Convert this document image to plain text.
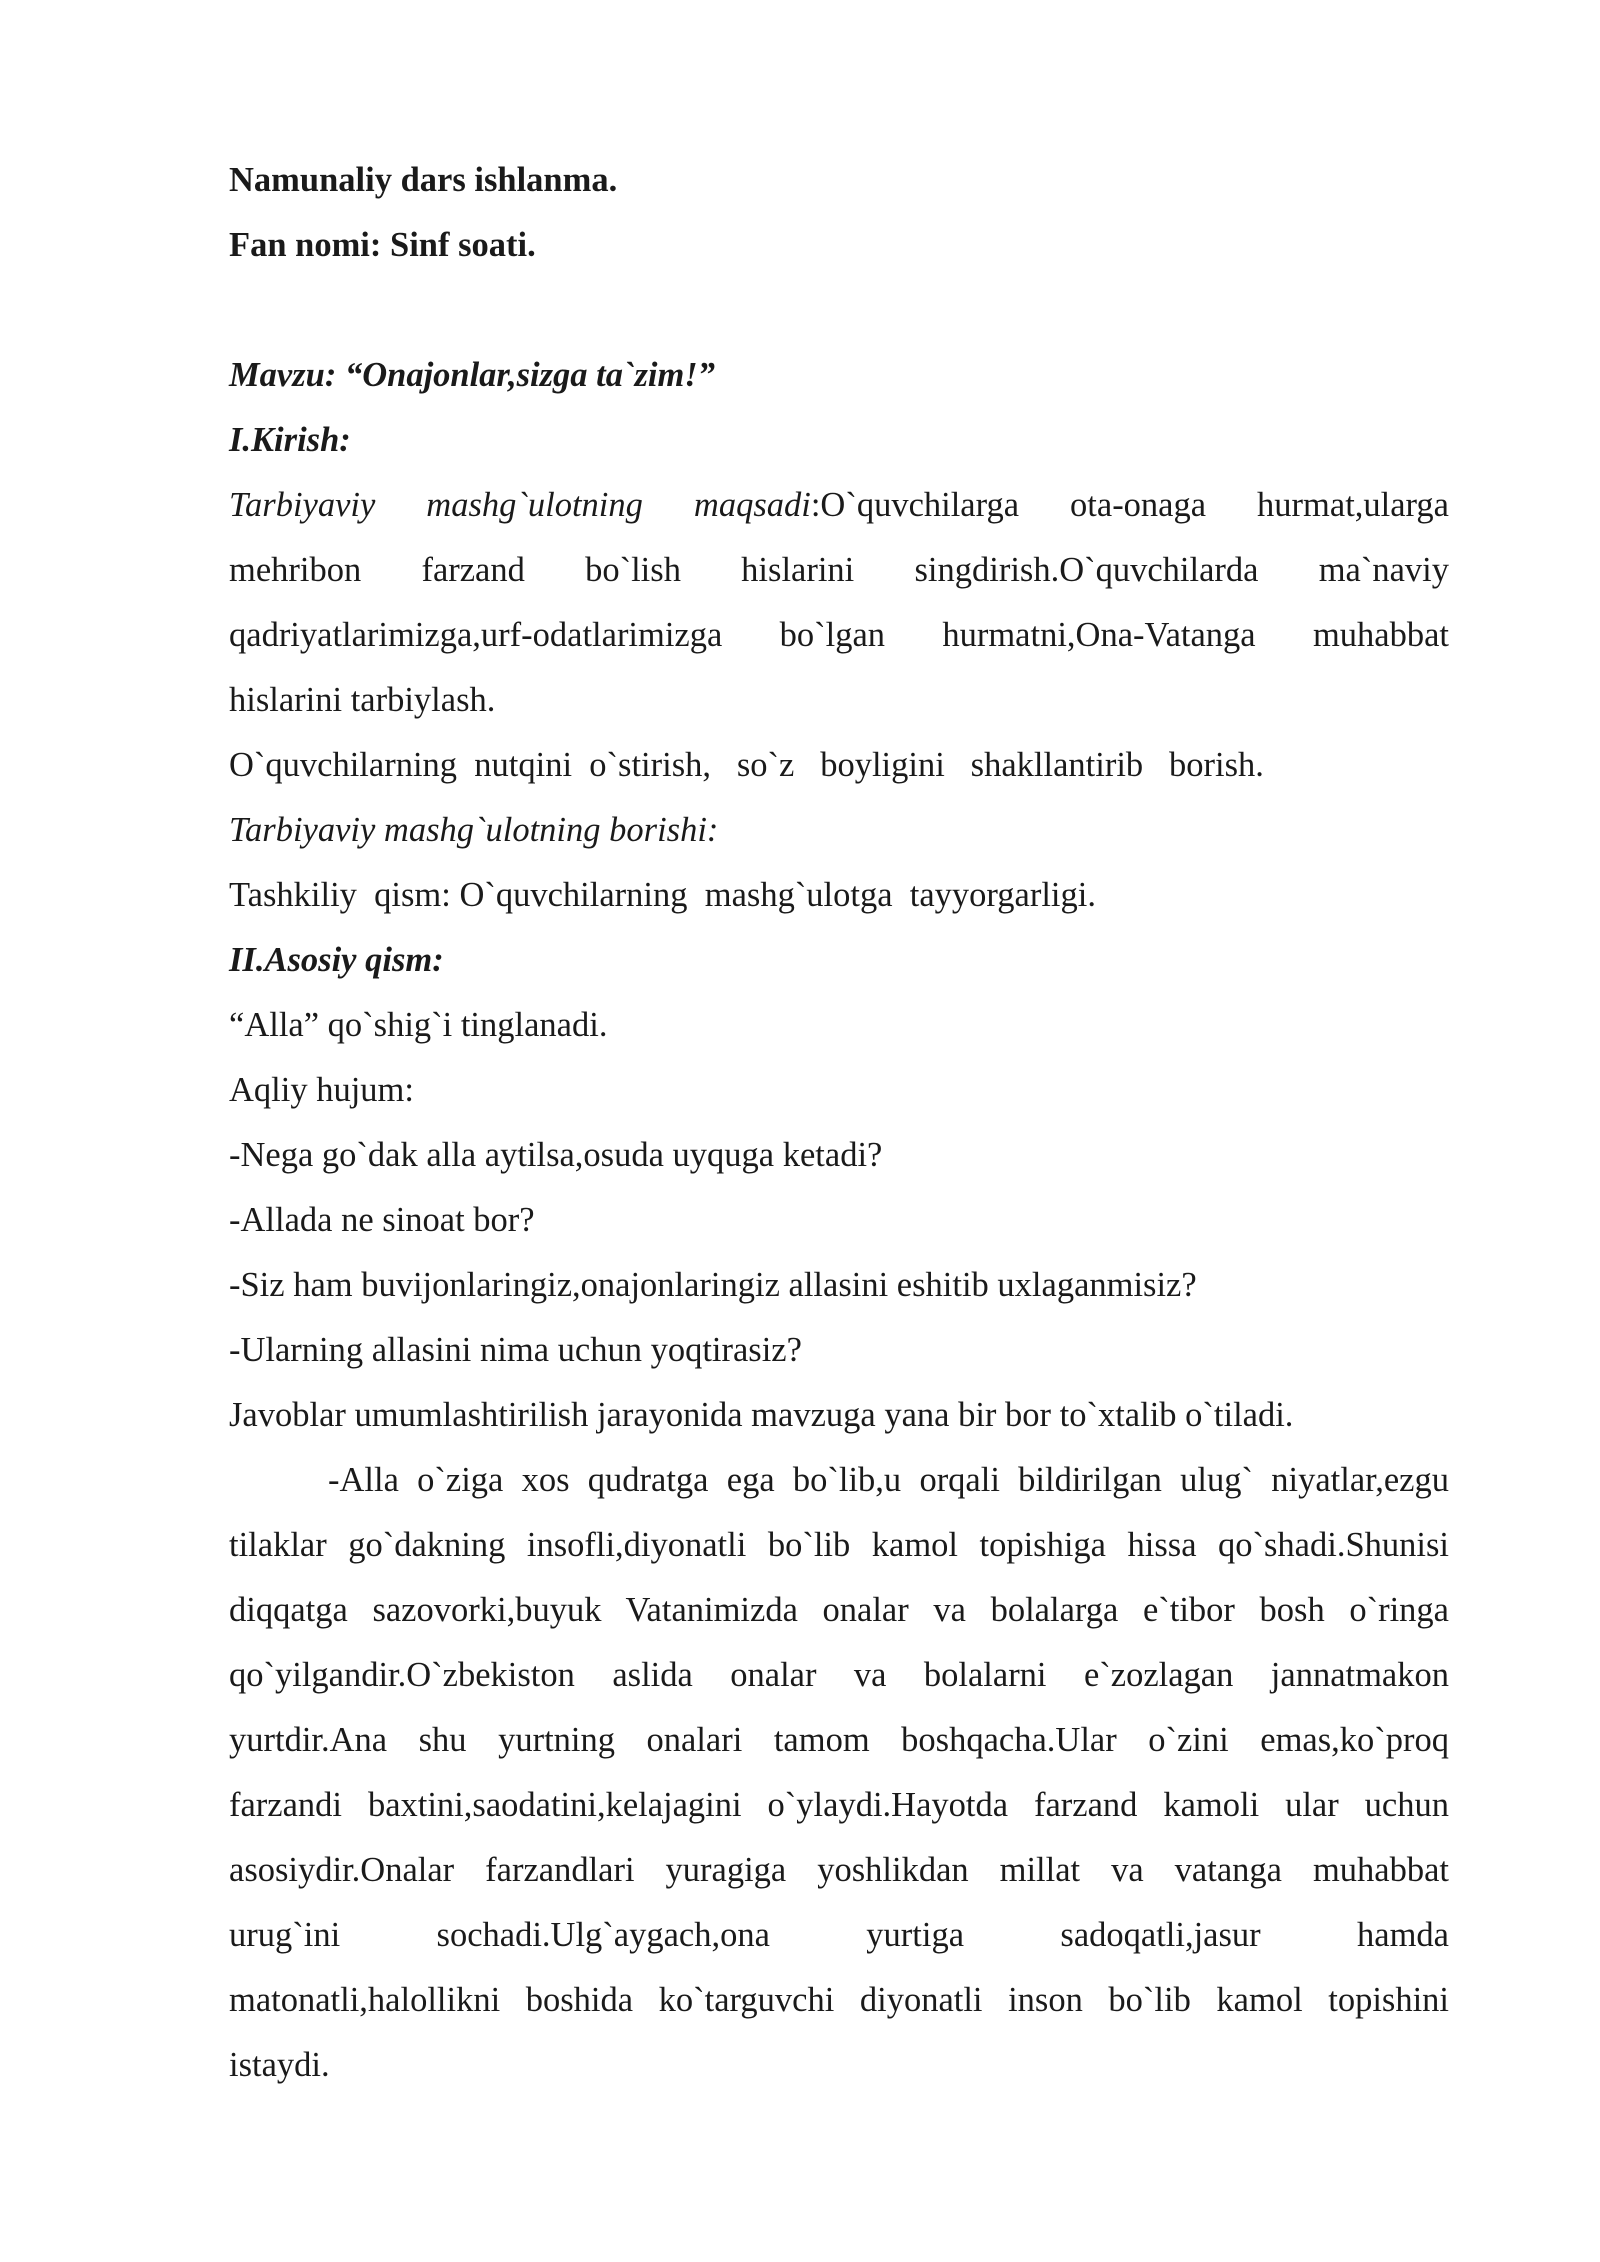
Namunaliy dars ishlanma.
Fan nomi: Sinf soati.
Mavzu: “Onajonlar,sizga ta`zim!”
I.Kirish:
Tarbiyaviy mashg`ulotning maqsadi:O`quvchilarga ota-onaga hurmat,ularga
mehribon farzand bo`lish hislarini singdirish.O`quvchilarda ma`naviy
qadriyatlarimizga,urf-odatlarimizga bo`lgan hurmatni,Ona-Vatanga muhabbat
hislarini tarbiylash.
O`quvchilarning  nutqini  o`stirish,   so`z   boyligini   shakllantirib   borish.
Tarbiyaviy mashg`ulotning borishi:
Tashkiliy  qism: O`quvchilarning  mashg`ulotga  tayyorgarligi.
II.Asosiy qism:
“Alla” qo`shig`i tinglanadi.
Aqliy hujum:
-Nega go`dak alla aytilsa,osuda uyquga ketadi?
-Allada ne sinoat bor?
-Siz ham buvijonlaringiz,onajonlaringiz allasini eshitib uxlaganmisiz?
-Ularning allasini nima uchun yoqtirasiz?
Javoblar umumlashtirilish jarayonida mavzuga yana bir bor to`xtalib o`tiladi.
-Alla o`ziga xos qudratga ega bo`lib,u orqali bildirilgan ulug` niyatlar,ezgu
tilaklar go`dakning insofli,diyonatli bo`lib kamol topishiga hissa qo`shadi.Shunisi
diqqatga sazovorki,buyuk Vatanimizda onalar va bolalarga e`tibor bosh o`ringa
qo`yilgandir.O`zbekiston aslida onalar va bolalarni e`zozlagan jannatmakon
yurtdir.Ana shu yurtning onalari tamom boshqacha.Ular o`zini emas,ko`proq
farzandi baxtini,saodatini,kelajagini o`ylaydi.Hayotda farzand kamoli ular uchun
asosiydir.Onalar farzandlari yuragiga yoshlikdan millat va vatanga muhabbat
urug`ini sochadi.Ulg`aygach,ona yurtiga sadoqatli,jasur hamda
matonatli,halollikni boshida ko`targuvchi diyonatli inson bo`lib kamol topishini
istaydi.
